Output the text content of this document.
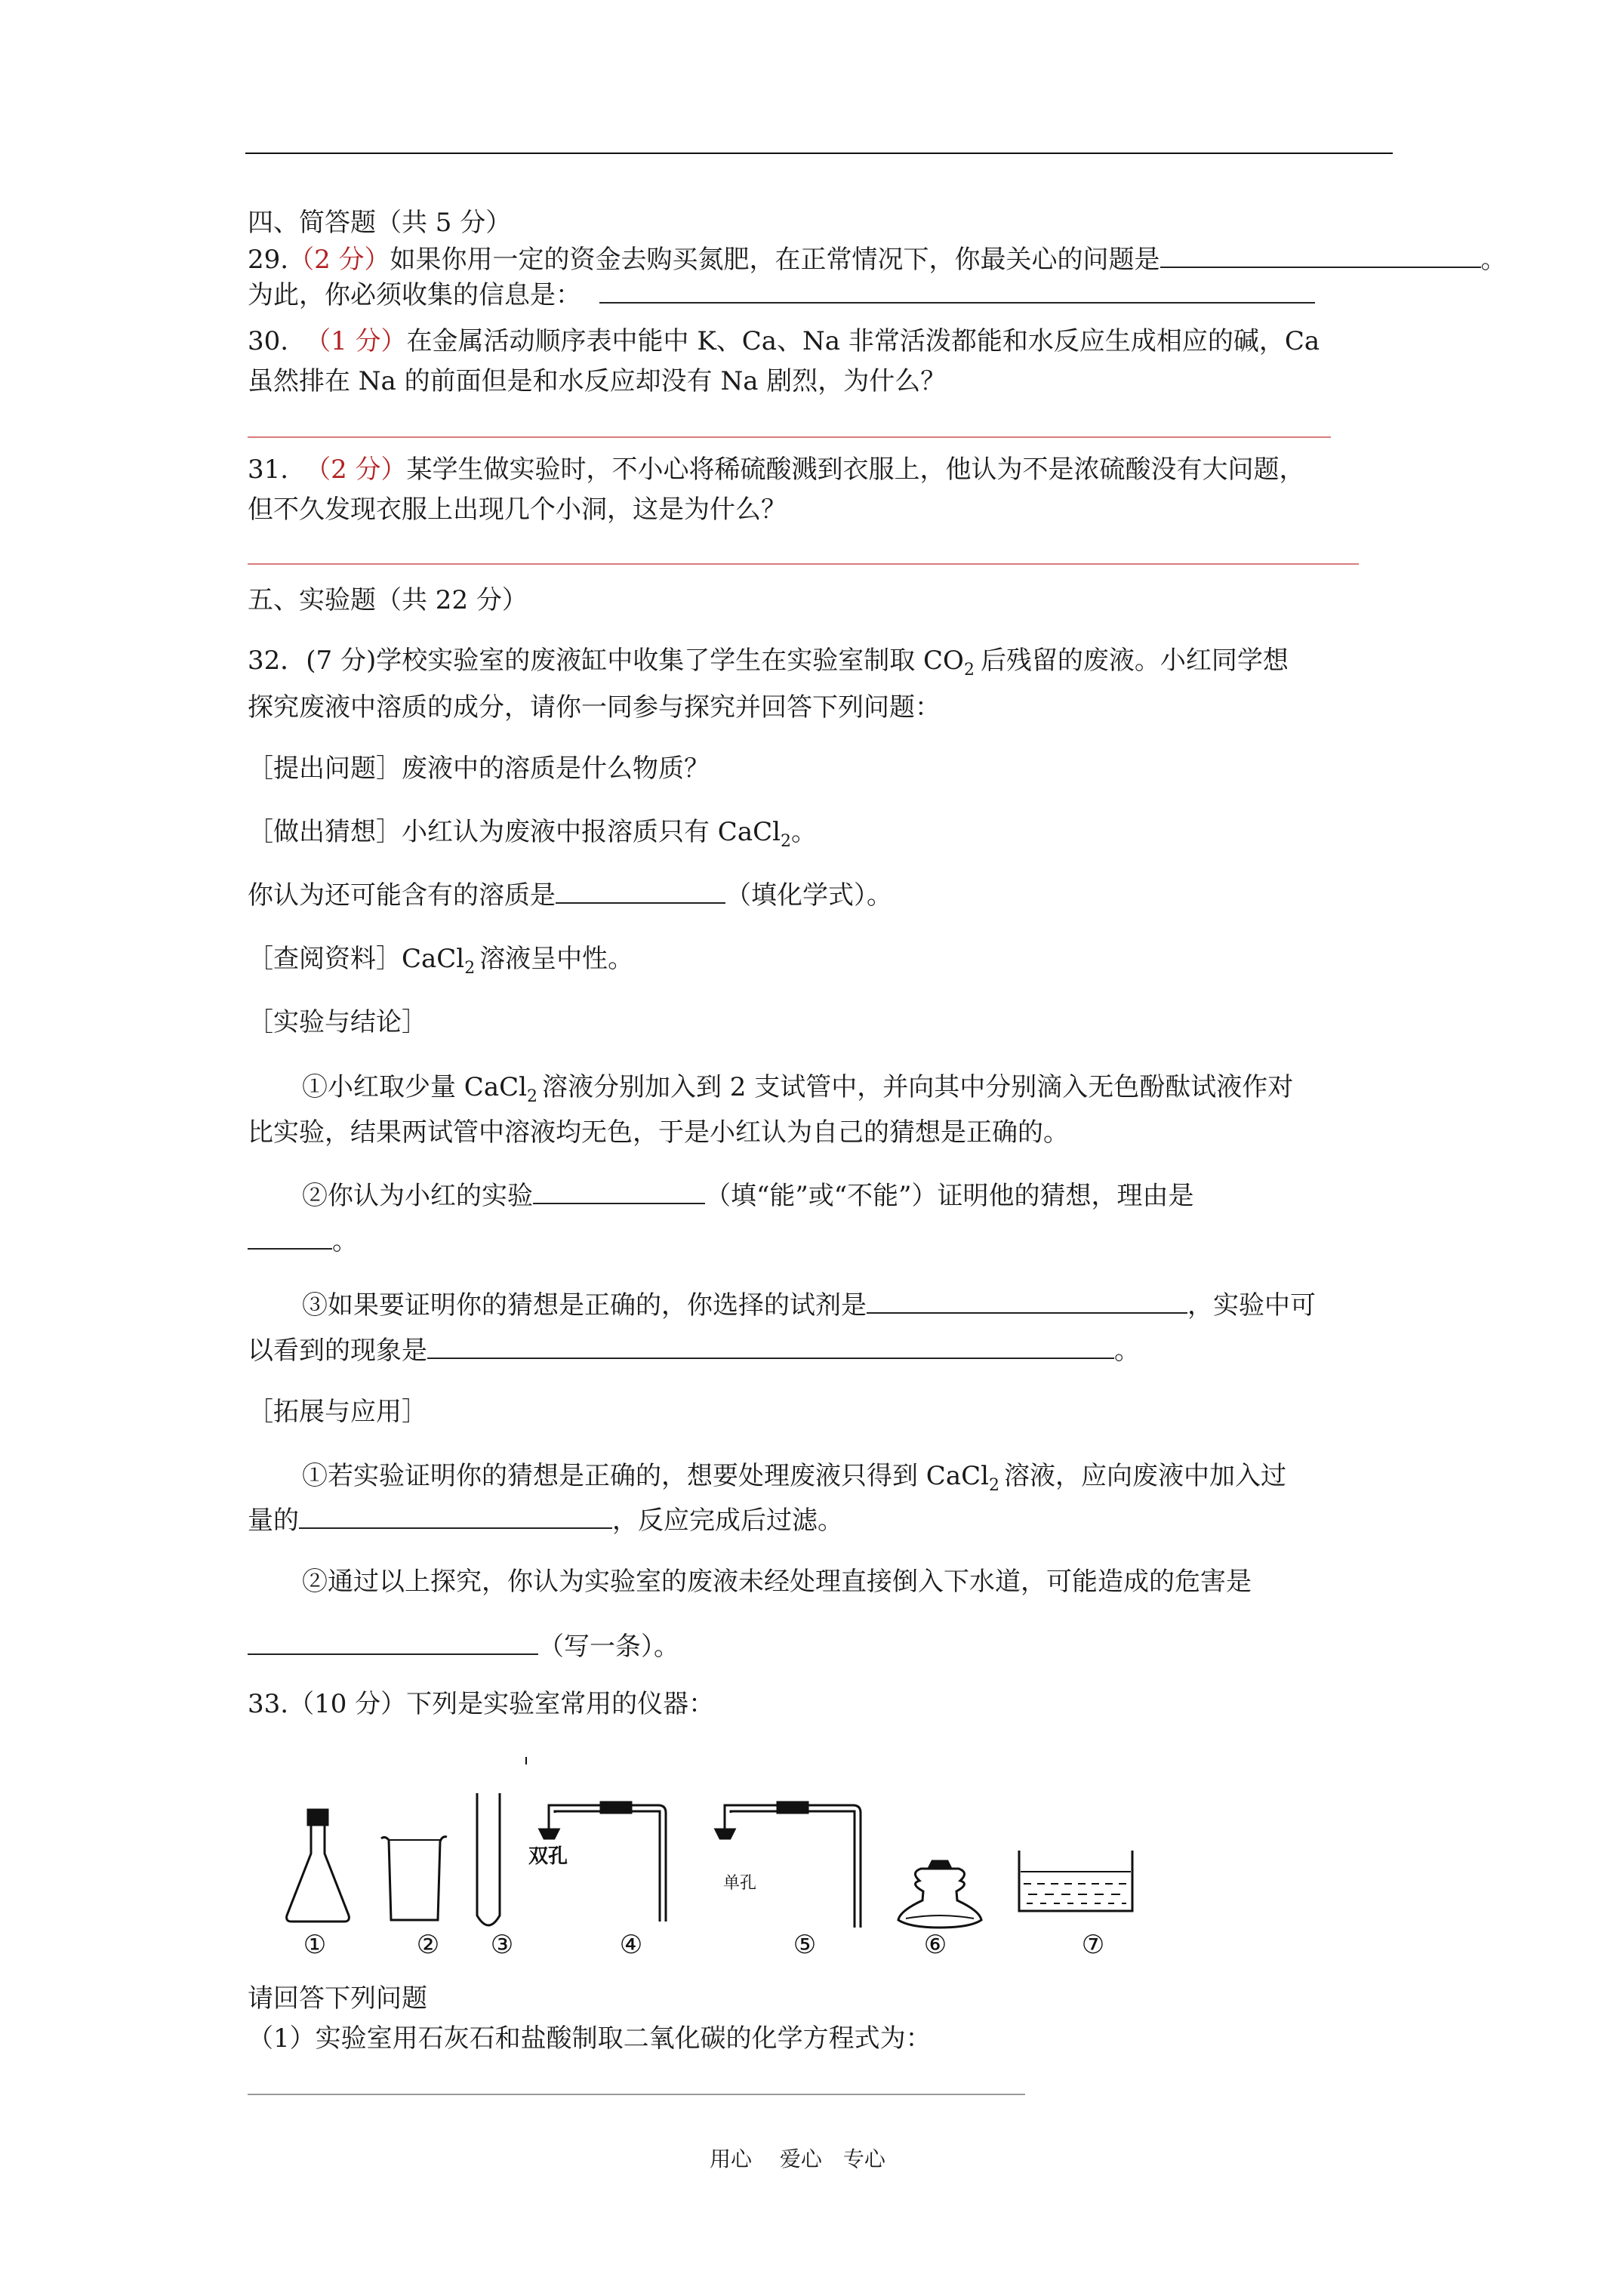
四、简答题（共 5 分）
29.（2 分）如果你用一定的资金去购买氮肥，在正常情况下，你最关心的问题是	。
为此，你必须收集的信息是：
30. （1 分）在金属活动顺序表中能中 K、Ca、Na 非常活泼都能和水反应生成相应的碱，Ca
虽然排在 Na 的前面但是和水反应却没有 Na 剧烈，为什么？
31. （2 分）某学生做实验时，不小心将稀硫酸溅到衣服上，他认为不是浓硫酸没有大问题，
但不久发现衣服上出现几个小洞，这是为什么？
五、实验题（共 22 分）
32．(7 分)学校实验室的废液缸中收集了学生在实验室制取 $CO_2$ 后残留的废液。小红同学想
探究废液中溶质的成分，请你一同参与探究并回答下列问题：
［提出问题］废液中的溶质是什么物质？
［做出猜想］小红认为废液中报溶质只有 CaCl$_2$。
你认为还可能含有的溶质是	（填化学式）。
［查阅资料］CaCl$_2$ 溶液呈中性。
［实验与结论］
①小红取少量 CaCl$_2$ 溶液分别加入到 2 支试管中，并向其中分别滴入无色酚酞试液作对
比实验，结果两试管中溶液均无色，于是小红认为自己的猜想是正确的。
②你认为小红的实验	（填“能”或“不能”）证明他的猜想，理由是
。
③如果要证明你的猜想是正确的，你选择的试剂是	，实验中可
以看到的现象是	。
［拓展与应用］
①若实验证明你的猜想是正确的，想要处理废液只得到 CaCl$_2$ 溶液，应向废液中加入过
量的	，反应完成后过滤。
②通过以上探究，你认为实验室的废液未经处理直接倒入下水道，可能造成的危害是
（写一条）。
33.（10 分）下列是实验室常用的仪器：
双孔
单孔
①	② ③	④	⑤	⑥	⑦
请回答下列问题
（1）实验室用石灰石和盐酸制取二氧化碳的化学方程式为：
用心　 爱心　专心
